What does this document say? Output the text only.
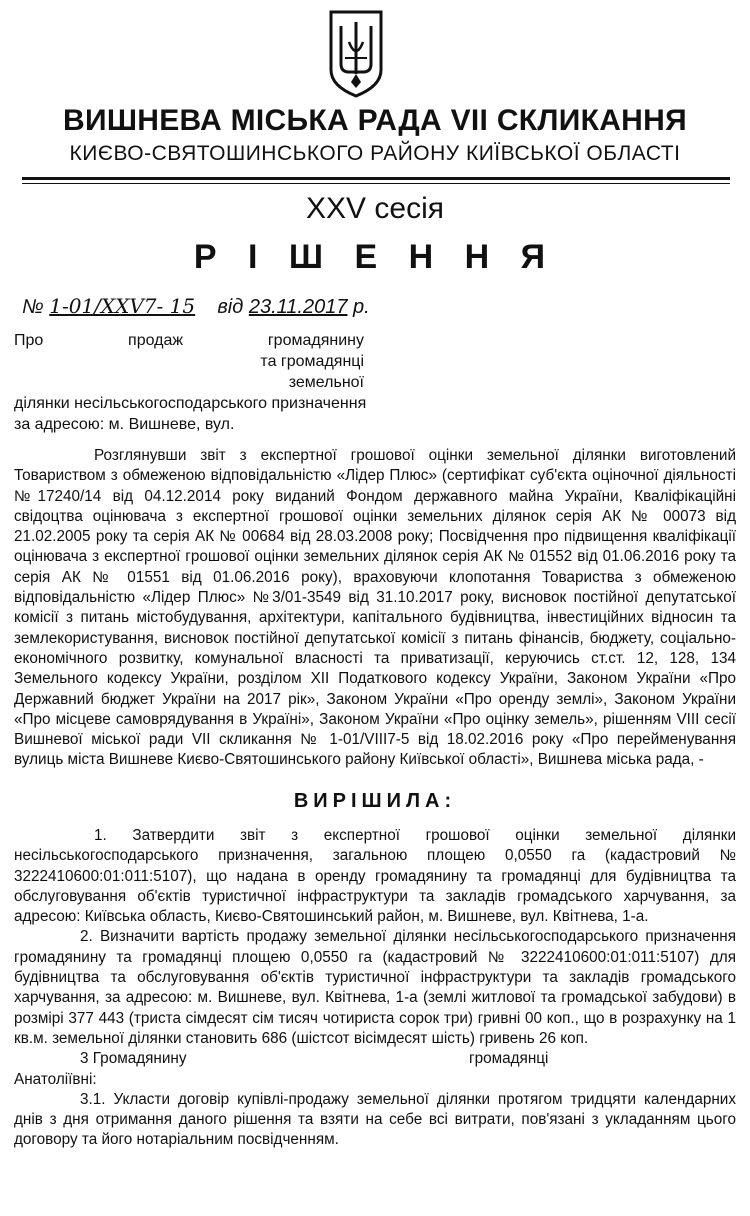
ВИШНЕВА МІСЬКА РАДА VII СКЛИКАННЯ
КИЄВО-СВЯТОШИНСЬКОГО РАЙОНУ КИЇВСЬКОЇ ОБЛАСТІ
XXV сесія
Р І Ш Е Н Н Я
№ 1-01/XXV7- 15 від 23.11.2017 р.
Про	продаж	громадянину
та громадянці
земельної
ділянки несільськогосподарського призначення
за адресою: м. Вишневе, вул.

Розглянувши звіт з експертної грошової оцінки земельної ділянки виготовлений Товариством з обмеженою відповідальністю «Лідер Плюс» (сертифікат суб'єкта оціночної діяльності №17240/14 від 04.12.2014 року виданий Фондом державного майна України, Кваліфікаційні свідоцтва оцінювача з експертної грошової оцінки земельних ділянок серія АК № 00073 від 21.02.2005 року та серія АК № 00684 від 28.03.2008 року; Посвідчення про підвищення кваліфікації оцінювача з експертної грошової оцінки земельних ділянок серія АК № 01552 від 01.06.2016 року та серія АК № 01551 від 01.06.2016 року), враховуючи клопотання Товариства з обмеженою відповідальністю «Лідер Плюс» №3/01-3549 від 31.10.2017 року, висновок постійної депутатської комісії з питань містобудування, архітектури, капітального будівництва, інвестиційних відносин та землекористування, висновок постійної депутатської комісії з питань фінансів, бюджету, соціально-економічного розвитку, комунальної власності та приватизації, керуючись ст.ст. 12, 128, 134 Земельного кодексу України, розділом ХІІ Податкового кодексу України, Законом України «Про Державний бюджет України на 2017 рік», Законом України «Про оренду землі», Законом України «Про місцеве самоврядування в Україні», Законом України «Про оцінку земель», рішенням VIII сесії Вишневої міської ради VII скликання № 1-01/VIII7-5 від 18.02.2016 року «Про перейменування вулиць міста Вишневе Києво-Святошинського району Київської області», Вишнева міська рада, -

ВИРІШИЛА:

1. Затвердити звіт з експертної грошової оцінки земельної ділянки несільськогосподарського призначення, загальною площею 0,0550 га (кадастровий № 3222410600:01:011:5107), що надана в оренду громадянину та громадянці для будівництва та обслуговування об'єктів туристичної інфраструктури та закладів громадського харчування, за адресою: Київська область, Києво-Святошинський район, м. Вишневе, вул. Квітнева, 1-а.

2. Визначити вартість продажу земельної ділянки несільськогосподарського призначення громадянину та громадянці площею 0,0550 га (кадастровий № 3222410600:01:011:5107) для будівництва та обслуговування об'єктів туристичної інфраструктури та закладів громадського харчування, за адресою: м. Вишневе, вул. Квітнева, 1-а (землі житлової та громадської забудови) в розмірі 377 443 (триста сімдесят сім тисяч чотириста сорок три) гривні 00 коп., що в розрахунку на 1 кв.м. земельної ділянки становить 686 (шістсот вісімдесят шість) гривень 26 коп.

3 Громадянину	громадянці

Анатоліївні:

3.1. Укласти договір купівлі-продажу земельної ділянки протягом тридцяти календарних днів з дня отримання даного рішення та взяти на себе всі витрати, пов'язані з укладанням цього договору та його нотаріальним посвідченням.
